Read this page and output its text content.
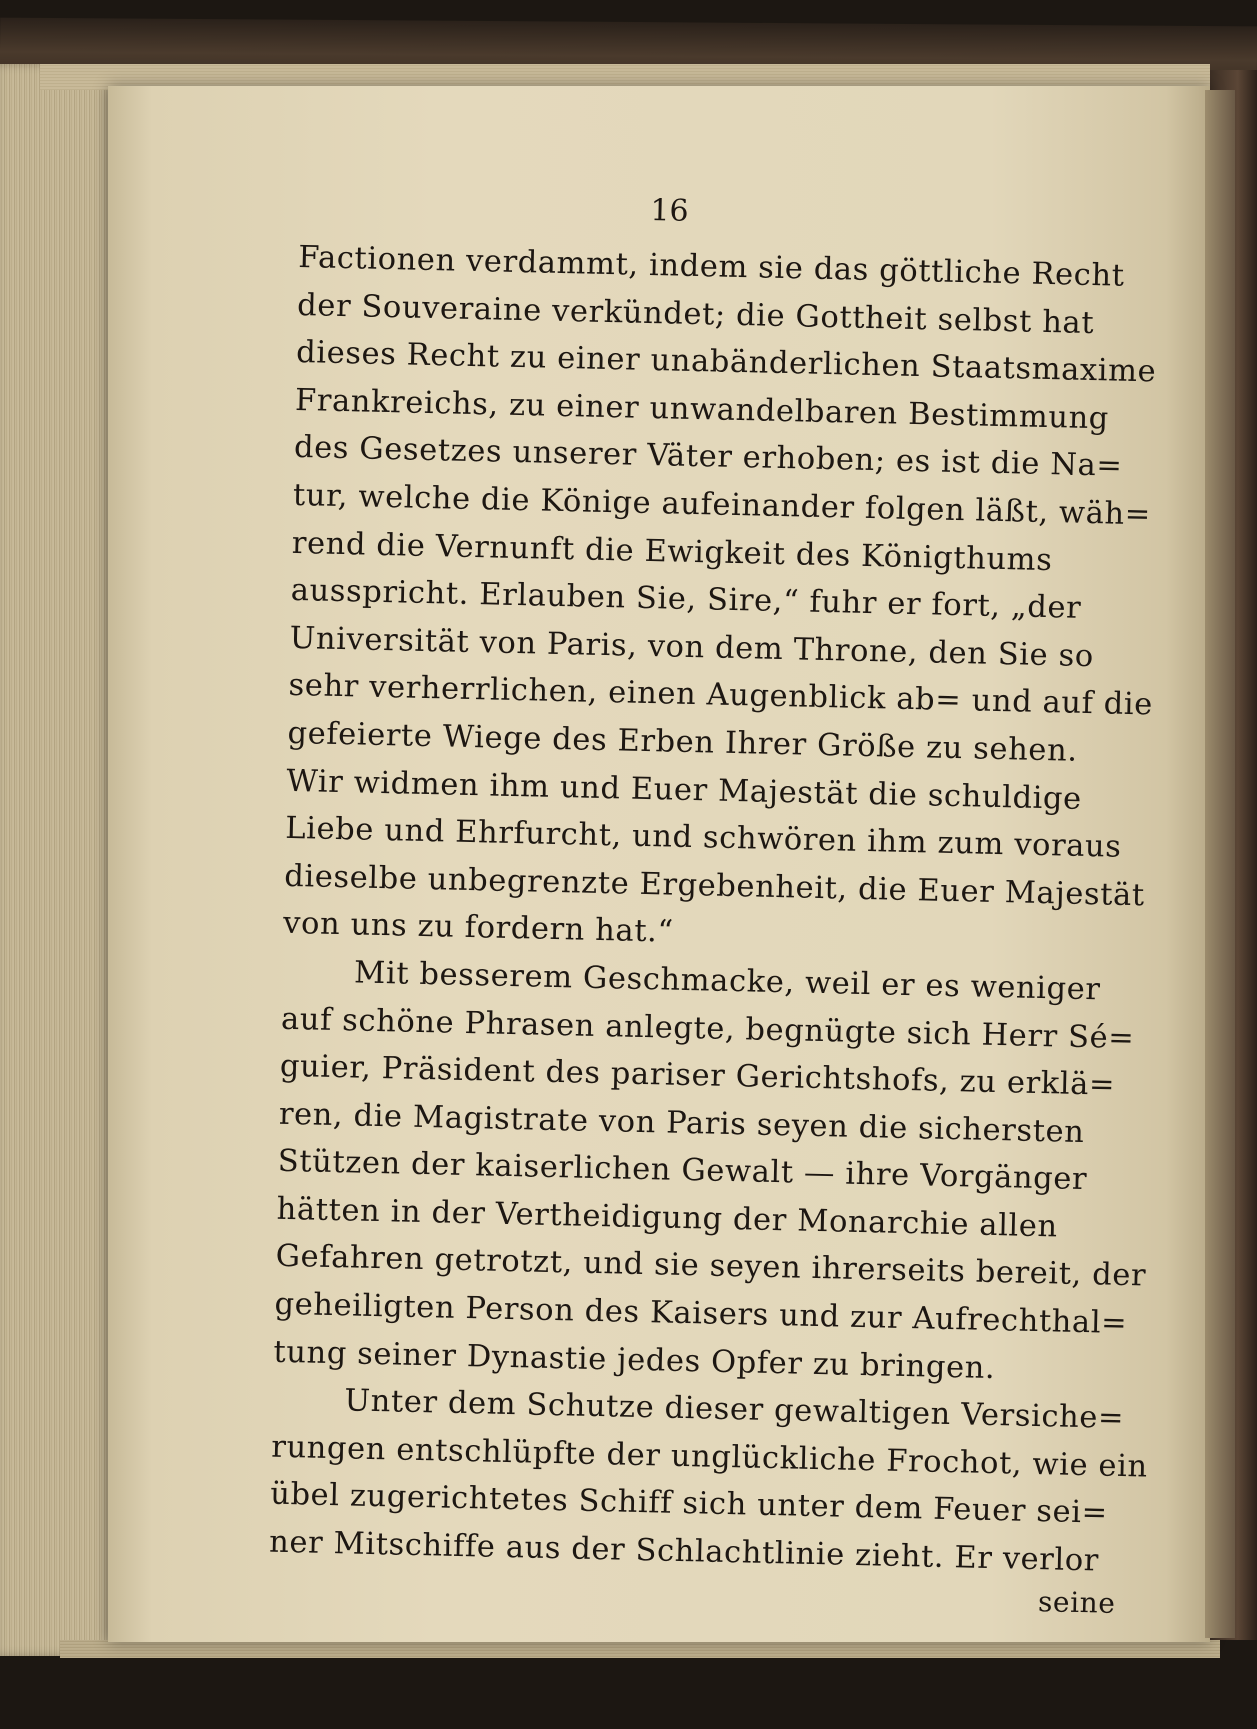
16
Factionen verdammt, indem sie das göttliche Recht
der Souveraine verkündet; die Gottheit selbst hat
dieses Recht zu einer unabänderlichen Staatsmaxime
Frankreichs, zu einer unwandelbaren Bestimmung
des Gesetzes unserer Väter erhoben; es ist die Na=
tur, welche die Könige aufeinander folgen läßt, wäh=
rend die Vernunft die Ewigkeit des Königthums
ausspricht. Erlauben Sie, Sire,“ fuhr er fort, „der
Universität von Paris, von dem Throne, den Sie so
sehr verherrlichen, einen Augenblick ab= und auf die
gefeierte Wiege des Erben Ihrer Größe zu sehen.
Wir widmen ihm und Euer Majestät die schuldige
Liebe und Ehrfurcht, und schwören ihm zum voraus
dieselbe unbegrenzte Ergebenheit, die Euer Majestät
von uns zu fordern hat.“
Mit besserem Geschmacke, weil er es weniger
auf schöne Phrasen anlegte, begnügte sich Herr Sé=
guier, Präsident des pariser Gerichtshofs, zu erklä=
ren, die Magistrate von Paris seyen die sichersten
Stützen der kaiserlichen Gewalt — ihre Vorgänger
hätten in der Vertheidigung der Monarchie allen
Gefahren getrotzt, und sie seyen ihrerseits bereit, der
geheiligten Person des Kaisers und zur Aufrechthal=
tung seiner Dynastie jedes Opfer zu bringen.
Unter dem Schutze dieser gewaltigen Versiche=
rungen entschlüpfte der unglückliche Frochot, wie ein
übel zugerichtetes Schiff sich unter dem Feuer sei=
ner Mitschiffe aus der Schlachtlinie zieht. Er verlor
seine
